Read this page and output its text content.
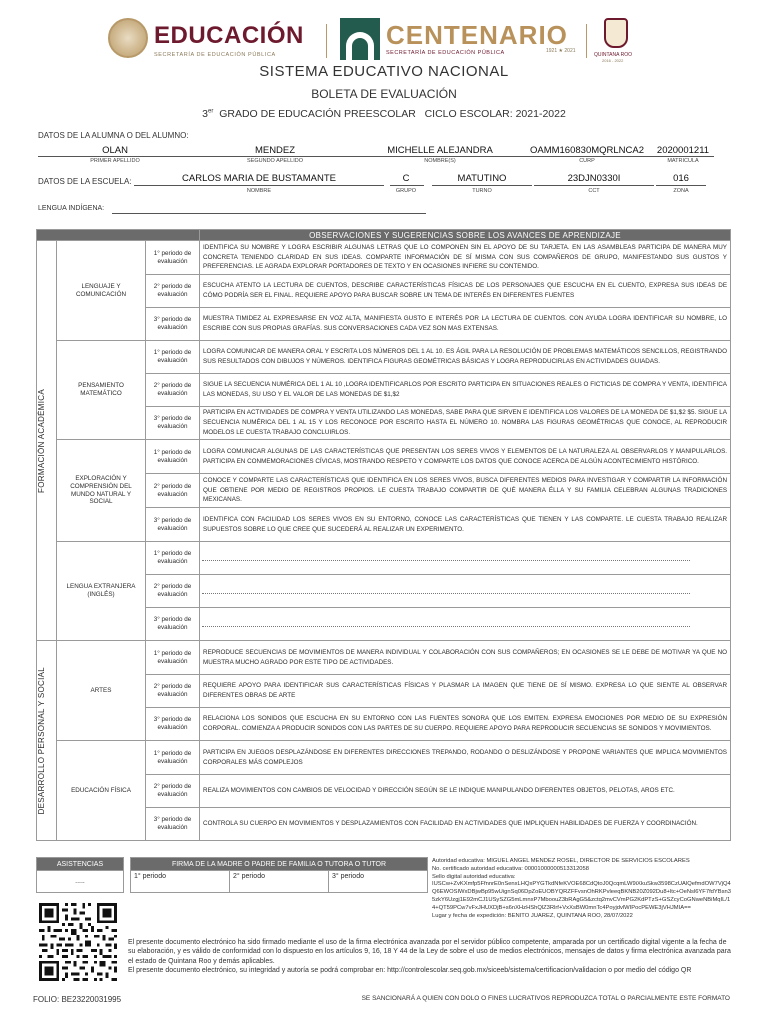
EDUCACIÓN
SECRETARÍA DE EDUCACIÓN PÚBLICA
CENTENARIO
SECRETARÍA DE EDUCACIÓN PÚBLICA	1921 ★ 2021
QUINTANA ROO
2016 - 2022
SISTEMA EDUCATIVO NACIONAL
BOLETA DE EVALUACIÓN
3er GRADO DE EDUCACIÓN PREESCOLAR   CICLO ESCOLAR: 2021-2022
DATOS DE LA ALUMNA O DEL ALUMNO:
OLAN	MENDEZ	MICHELLE ALEJANDRA	OAMM160830MQRLNCA2	2020001211
PRIMER APELLIDO	SEGUNDO APELLIDO	NOMBRE(S)	CURP	MATRICULA
DATOS DE LA ESCUELA:	CARLOS MARIA DE BUSTAMANTE	C	MATUTINO	23DJN0330I	016
NOMBRE	GRUPO	TURNO	CCT	ZONA
LENGUA INDÍGENA:
			OBSERVACIONES Y SUGERENCIAS SOBRE LOS AVANCES DE APRENDIZAJE

FORMACIÓN ACADÉMICA	LENGUAJE Y COMUNICACIÓN	1° periodo de evaluación	IDENTIFICA SU NOMBRE Y LOGRA ESCRIBIR ALGUNAS LETRAS QUE LO COMPONEN SIN EL APOYO DE SU TARJETA. EN LAS ASAMBLEAS PARTICIPA DE MANERA MUY CONCRETA TENIENDO CLARIDAD EN SUS IDEAS. COMPARTE INFORMACIÓN DE SÍ MISMA CON SUS COMPAÑEROS DE GRUPO, MANIFESTANDO SUS GUSTOS Y PREFERENCIAS. LE AGRADA EXPLORAR PORTADORES DE TEXTO Y EN OCASIONES INFIERE SU CONTENIDO.
		2° periodo de evaluación	ESCUCHA ATENTO LA LECTURA DE CUENTOS, DESCRIBE CARACTERÍSTICAS FÍSICAS DE LOS PERSONAJES QUE ESCUCHA EN EL CUENTO, EXPRESA SUS IDEAS DE CÓMO PODRÍA SER EL FINAL. REQUIERE APOYO PARA BUSCAR SOBRE UN TEMA DE INTERÉS EN DIFERENTES FUENTES
		3° periodo de evaluación	MUESTRA TIMIDEZ AL EXPRESARSE EN VOZ ALTA, MANIFIESTA GUSTO E INTERÉS POR LA LECTURA DE CUENTOS. CON AYUDA LOGRA IDENTIFICAR SU NOMBRE, LO ESCRIBE CON SUS PROPIAS GRAFÍAS. SUS CONVERSACIONES CADA VEZ SON MAS EXTENSAS.
	PENSAMIENTO MATEMÁTICO	1° periodo de evaluación	LOGRA COMUNICAR DE MANERA ORAL Y ESCRITA LOS NÚMEROS DEL 1 AL 10. ES ÁGIL PARA LA RESOLUCIÓN DE PROBLEMAS MATEMÁTICOS SENCILLOS, REGISTRANDO SUS RESULTADOS CON DIBUJOS Y NÚMEROS. IDENTIFICA FIGURAS GEOMÉTRICAS BÁSICAS Y LOGRA REPRODUCIRLAS EN ACTIVIDADES GUIADAS.
		2° periodo de evaluación	SIGUE LA SECUENCIA NUMÉRICA DEL 1 AL 10 ,LOGRA IDENTIFICARLOS POR ESCRITO PARTICIPA EN SITUACIONES REALES O FICTICIAS DE COMPRA Y VENTA, IDENTIFICA LAS MONEDAS, SU USO Y EL VALOR DE LAS MONEDAS DE $1,$2
		3° periodo de evaluación	PARTICIPA EN ACTIVIDADES DE COMPRA Y VENTA UTILIZANDO LAS MONEDAS, SABE PARA QUE SIRVEN E IDENTIFICA LOS VALORES DE LA MONEDA DE $1,$2 $5. SIGUE LA SECUENCIA NUMÉRICA DEL 1 AL 15 Y LOS RECONOCE POR ESCRITO HASTA EL NÚMERO 10. NOMBRA LAS FIGURAS GEOMÉTRICAS QUE CONOCE, AL REPRODUCIR MODELOS LE CUESTA TRABAJO CONCLUIRLOS.
	EXPLORACIÓN Y COMPRENSIÓN DEL MUNDO NATURAL Y SOCIAL	1° periodo de evaluación	LOGRA COMUNICAR ALGUNAS DE LAS CARACTERÍSTICAS QUE PRESENTAN LOS SERES VIVOS Y ELEMENTOS DE LA NATURALEZA AL OBSERVARLOS Y MANIPULARLOS. PARTICIPA EN CONMEMORACIONES CÍVICAS, MOSTRANDO RESPETO Y COMPARTE LOS DATOS QUE CONOCE ACERCA DE ALGÚN ACONTECIMIENTO HISTÓRICO.
		2° periodo de evaluación	CONOCE Y COMPARTE LAS CARACTERÍSTICAS QUE IDENTIFICA EN LOS SERES VIVOS, BUSCA DIFERENTES MEDIOS PARA INVESTIGAR Y COMPARTIR LA INFORMACIÓN QUE OBTIENE POR MEDIO DE REGISTROS PROPIOS. LE CUESTA TRABAJO COMPARTIR DE QUÉ MANERA ÉLLA Y SU FAMILIA CELEBRAN ALGUNAS TRADICIONES MEXICANAS.
		3° periodo de evaluación	IDENTIFICA CON FACILIDAD LOS SERES VIVOS EN SU ENTORNO, CONOCE LAS CARACTERÍSTICAS QUE TIENEN Y LAS COMPARTE. LE CUESTA TRABAJO REALIZAR SUPUESTOS SOBRE LO QUE CREE QUE SUCEDERÁ AL REALIZAR UN EXPERIMENTO.
	LENGUA EXTRANJERA (INGLÉS)	1° periodo de evaluación	

		2° periodo de evaluación	

		3° periodo de evaluación	

DESARROLLO PERSONAL Y SOCIAL	ARTES	1° periodo de evaluación	REPRODUCE SECUENCIAS DE MOVIMIENTOS DE MANERA INDIVIDUAL Y COLABORACIÓN CON SUS COMPAÑEROS; EN OCASIONES SE LE DEBE DE MOTIVAR YA QUE NO MUESTRA MUCHO AGRADO POR ESTE TIPO DE ACTIVIDADES.
		2° periodo de evaluación	REQUIERE APOYO PARA IDENTIFICAR SUS CARACTERÍSTICAS FÍSICAS Y PLASMAR LA IMAGEN QUE TIENE DE SÍ MISMO. EXPRESA LO QUE SIENTE AL OBSERVAR DIFERENTES OBRAS DE ARTE
		3° periodo de evaluación	RELACIONA LOS SONIDOS QUE ESCUCHA EN SU ENTORNO CON LAS FUENTES SONORA QUE LOS EMITEN. EXPRESA EMOCIONES POR MEDIO DE SU EXPRESIÓN CORPORAL. COMIENZA A PRODUCIR SONIDOS CON LAS PARTES DE SU CUERPO. REQUIERE APOYO PARA REPRODUCIR SECUENCIAS SE SONIDOS Y MOVIMIENTOS.
	EDUCACIÓN FÍSICA	1° periodo de evaluación	PARTICIPA EN JUEGOS DESPLAZÁNDOSE EN DIFERENTES DIRECCIONES TREPANDO, RODANDO O DESLIZÁNDOSE Y PROPONE VARIANTES QUE IMPLICA MOVIMIENTOS CORPORALES MÁS COMPLEJOS
		2° periodo de evaluación	REALIZA MOVIMIENTOS CON CAMBIOS DE VELOCIDAD Y DIRECCIÓN SEGÚN SE LE INDIQUE MANIPULANDO DIFERENTES OBJETOS, PELOTAS, AROS ETC.
		3° periodo de evaluación	CONTROLA SU CUERPO EN MOVIMIENTOS Y DESPLAZAMIENTOS CON FACILIDAD EN ACTIVIDADES QUE IMPLIQUEN HABILIDADES DE FUERZA Y COORDINACIÓN.
ASISTENCIAS
.....
FIRMA DE LA MADRE O PADRE DE FAMILIA O TUTORA O TUTOR
1° periodo	2° periodo	3° periodo
Autoridad educativa: MIGUEL ANGEL MENDEZ ROSEL, DIRECTOR DE SERVICIOS ESCOLARES
No. certificado autoridad educativa: 00001000000513312058
Sello digital autoridad educativa:
IUSCw+ZvKXmfp5FfnnrE0nSenxLHQxPYGTkdNfeKVOE68CdQtoJ0QcqmLW9iXkuSkw3598CzUAlQefmdOW7VjQ4Q6EWOSIWxDBjwBp95wUignSq06DpZoEUOBYQRZFFvsnOhRKPvleeqBKNB20Z092Du8+ltc+OeNsl6YF7fdYBsn35zkY6Uzgj1E92mCJ1USySZG5mLmnxP7MboouZ3bRAgG5&zctq2mvCVmPG2KdPTzS+GSZcyCoGNweNBiMqIL/14+QT59PCw7vFxJHUXDjB+s6nXHzHShQlZ3Rlrf+VxXsBW0mnTc4PoyjdvlWIPocPEWE3jVHJMIA==
Lugar y fecha de expedición: BENITO JUAREZ, QUINTANA ROO, 28/07/2022
El presente documento electrónico ha sido firmado mediante el uso de la firma electrónica avanzada por el servidor público competente, amparada por un certificado digital vigente a la fecha de su elaboración, y es válido de conformidad con lo dispuesto en los artículos 9, 16, 18 Y 44 de la Ley de sobre el uso de medios electrónicos, mensajes de datos y firma electrónica avanzada para el estado de Quintana Roo y demás aplicables.
El presente documento electrónico, su integridad y autoría se podrá comprobar en: http://controlescolar.seq.gob.mx/siceeb/sistema/certificacion/validacion o por medio del código QR
FOLIO: BE23220031995	SE SANCIONARÁ A QUIEN CON DOLO O FINES LUCRATIVOS REPRODUZCA TOTAL O PARCIALMENTE ESTE FORMATO
